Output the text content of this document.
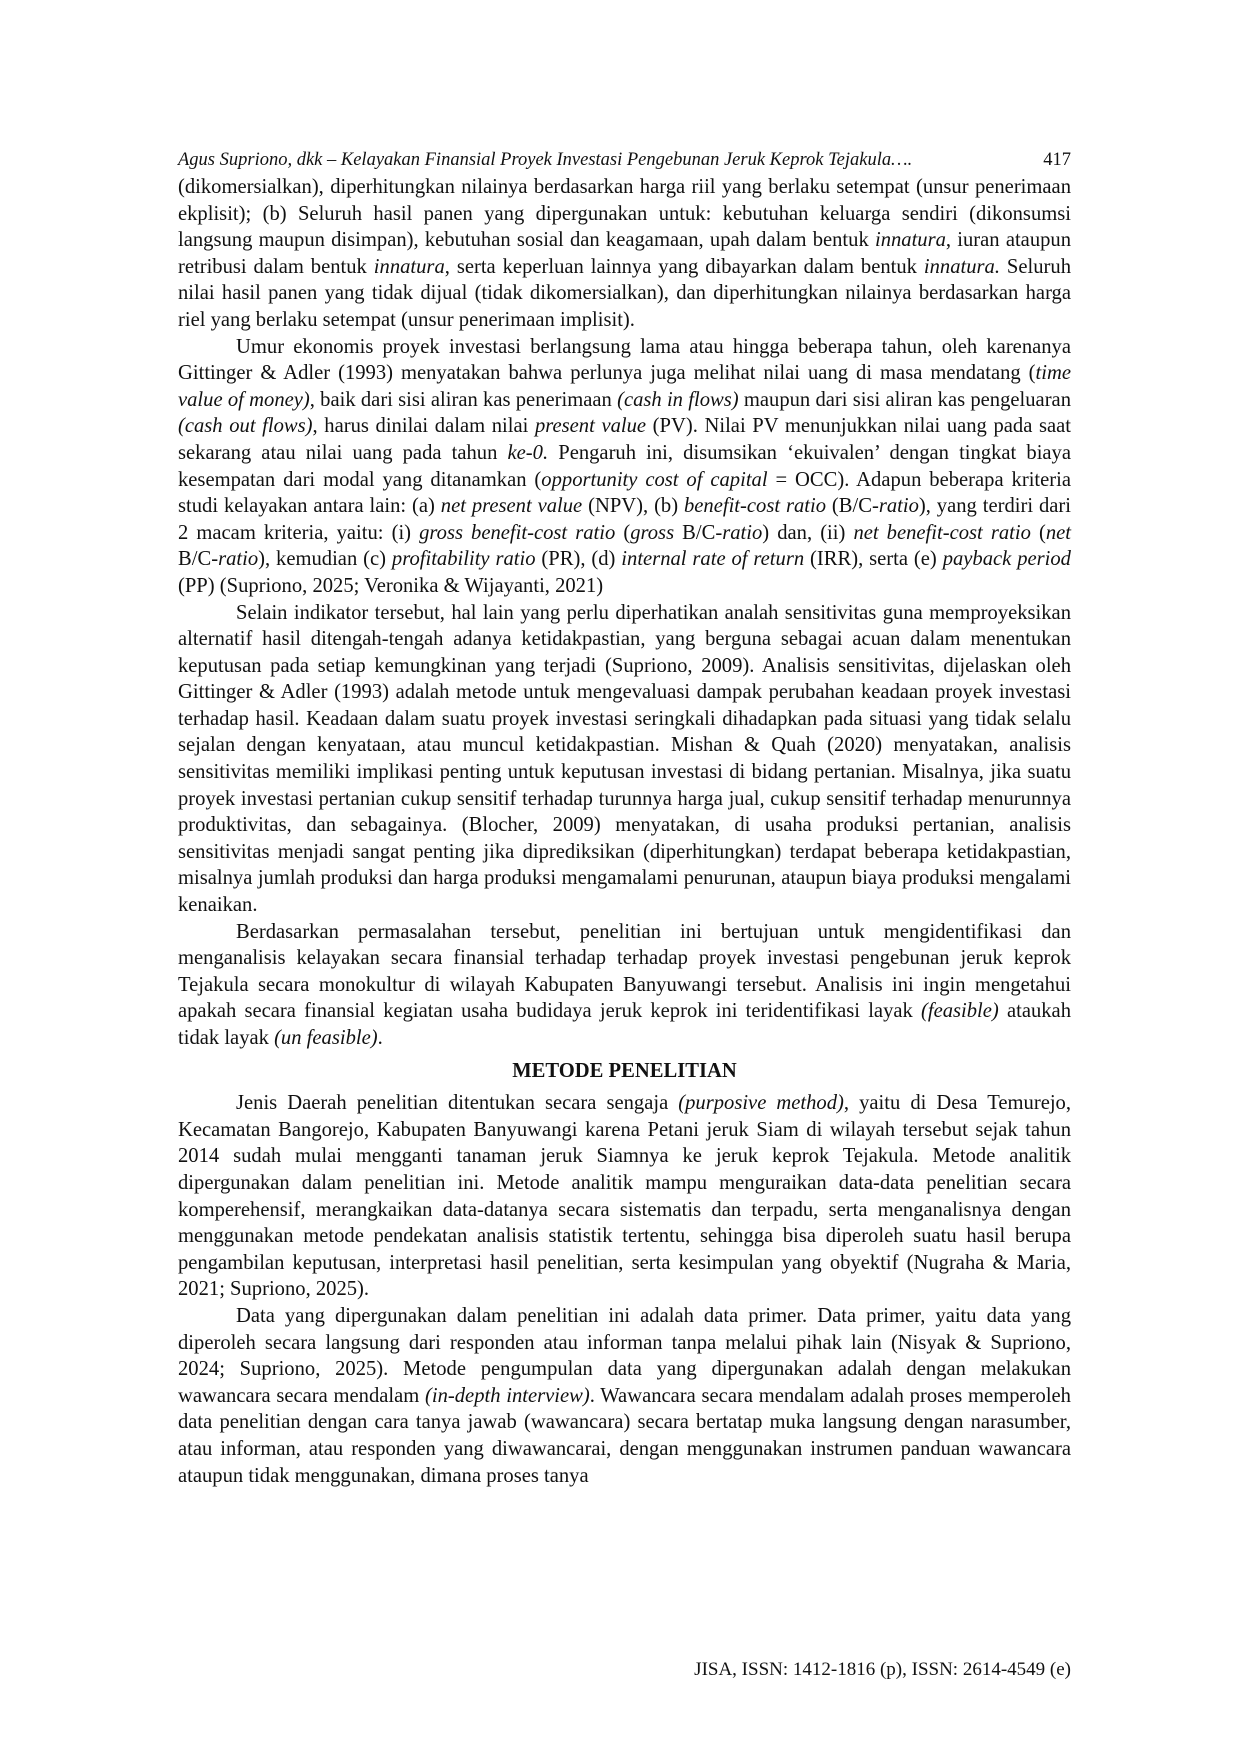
Agus Supriono, dkk – Kelayakan Finansial Proyek Investasi Pengebunan Jeruk Keprok Tejakula….	417

(dikomersialkan), diperhitungkan nilainya berdasarkan harga riil yang berlaku setempat (unsur penerimaan ekplisit); (b) Seluruh hasil panen yang dipergunakan untuk: kebutuhan keluarga sendiri (dikonsumsi langsung maupun disimpan), kebutuhan sosial dan keagamaan, upah dalam bentuk innatura, iuran ataupun retribusi dalam bentuk innatura, serta keperluan lainnya yang dibayarkan dalam bentuk innatura. Seluruh nilai hasil panen yang tidak dijual (tidak dikomersialkan), dan diperhitungkan nilainya berdasarkan harga riel yang berlaku setempat (unsur penerimaan implisit).

Umur ekonomis proyek investasi berlangsung lama atau hingga beberapa tahun, oleh karenanya Gittinger & Adler (1993) menyatakan bahwa perlunya juga melihat nilai uang di masa mendatang (time value of money), baik dari sisi aliran kas penerimaan (cash in flows) maupun dari sisi aliran kas pengeluaran (cash out flows), harus dinilai dalam nilai present value (PV). Nilai PV menunjukkan nilai uang pada saat sekarang atau nilai uang pada tahun ke-0. Pengaruh ini, disumsikan ‘ekuivalen’ dengan tingkat biaya kesempatan dari modal yang ditanamkan (opportunity cost of capital = OCC). Adapun beberapa kriteria studi kelayakan antara lain: (a) net present value (NPV), (b) benefit-cost ratio (B/C-ratio), yang terdiri dari 2 macam kriteria, yaitu: (i) gross benefit-cost ratio (gross B/C-ratio) dan, (ii) net benefit-cost ratio (net B/C-ratio), kemudian (c) profitability ratio (PR), (d) internal rate of return (IRR), serta (e) payback period (PP) (Supriono, 2025; Veronika & Wijayanti, 2021)

Selain indikator tersebut, hal lain yang perlu diperhatikan analah sensitivitas guna memproyeksikan alternatif hasil ditengah-tengah adanya ketidakpastian, yang berguna sebagai acuan dalam menentukan keputusan pada setiap kemungkinan yang terjadi (Supriono, 2009). Analisis sensitivitas, dijelaskan oleh Gittinger & Adler (1993) adalah metode untuk mengevaluasi dampak perubahan keadaan proyek investasi terhadap hasil. Keadaan dalam suatu proyek investasi seringkali dihadapkan pada situasi yang tidak selalu sejalan dengan kenyataan, atau muncul ketidakpastian. Mishan & Quah (2020) menyatakan, analisis sensitivitas memiliki implikasi penting untuk keputusan investasi di bidang pertanian. Misalnya, jika suatu proyek investasi pertanian cukup sensitif terhadap turunnya harga jual, cukup sensitif terhadap menurunnya produktivitas, dan sebagainya. (Blocher, 2009) menyatakan, di usaha produksi pertanian, analisis sensitivitas menjadi sangat penting jika diprediksikan (diperhitungkan) terdapat beberapa ketidakpastian, misalnya jumlah produksi dan harga produksi mengamalami penurunan, ataupun biaya produksi mengalami kenaikan.

Berdasarkan permasalahan tersebut, penelitian ini bertujuan untuk mengidentifikasi dan menganalisis kelayakan secara finansial terhadap terhadap proyek investasi pengebunan jeruk keprok Tejakula secara monokultur di wilayah Kabupaten Banyuwangi tersebut. Analisis ini ingin mengetahui apakah secara finansial kegiatan usaha budidaya jeruk keprok ini teridentifikasi layak (feasible) ataukah tidak layak (un feasible).

METODE PENELITIAN

Jenis Daerah penelitian ditentukan secara sengaja (purposive method), yaitu di Desa Temurejo, Kecamatan Bangorejo, Kabupaten Banyuwangi karena Petani jeruk Siam di wilayah tersebut sejak tahun 2014 sudah mulai mengganti tanaman jeruk Siamnya ke jeruk keprok Tejakula. Metode analitik dipergunakan dalam penelitian ini. Metode analitik mampu menguraikan data-data penelitian secara komperehensif, merangkaikan data-datanya secara sistematis dan terpadu, serta menganalisnya dengan menggunakan metode pendekatan analisis statistik tertentu, sehingga bisa diperoleh suatu hasil berupa pengambilan keputusan, interpretasi hasil penelitian, serta kesimpulan yang obyektif (Nugraha & Maria, 2021; Supriono, 2025).

Data yang dipergunakan dalam penelitian ini adalah data primer. Data primer, yaitu data yang diperoleh secara langsung dari responden atau informan tanpa melalui pihak lain (Nisyak & Supriono, 2024; Supriono, 2025). Metode pengumpulan data yang dipergunakan adalah dengan melakukan wawancara secara mendalam (in-depth interview). Wawancara secara mendalam adalah proses memperoleh data penelitian dengan cara tanya jawab (wawancara) secara bertatap muka langsung dengan narasumber, atau informan, atau responden yang diwawancarai, dengan menggunakan instrumen panduan wawancara ataupun tidak menggunakan, dimana proses tanya

JISA, ISSN: 1412-1816 (p), ISSN: 2614-4549 (e)
